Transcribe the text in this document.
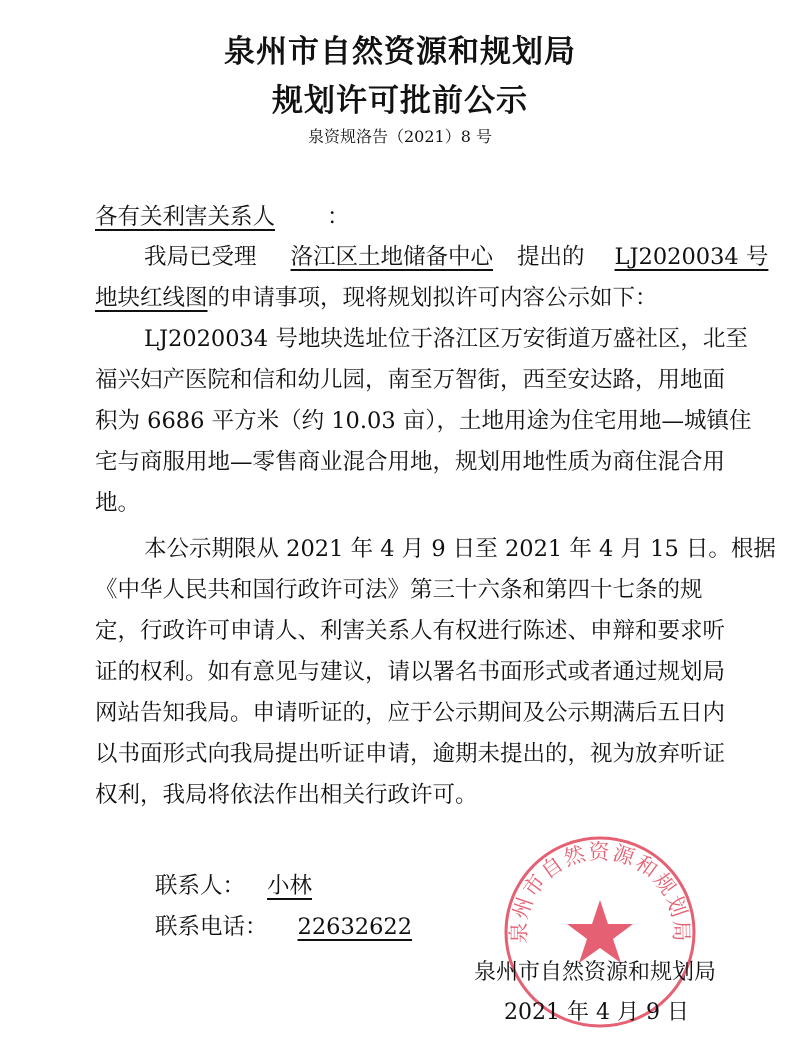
泉州市自然资源和规划局
规划许可批前公示
泉资规洛告（2021）8 号
各有关利害关系人 ：
我局已受理 洛江区土地储备中心 提出的 LJ2020034 号
地块红线图的申请事项，现将规划拟许可内容公示如下：
LJ2020034 号地块选址位于洛江区万安街道万盛社区，北至
福兴妇产医院和信和幼儿园，南至万智街，西至安达路，用地面
积为 6686 平方米（约 10.03 亩），土地用途为住宅用地—城镇住
宅与商服用地—零售商业混合用地，规划用地性质为商住混合用
地。
本公示期限从 2021 年 4 月 9 日至 2021 年 4 月 15 日。根据
《中华人民共和国行政许可法》第三十六条和第四十七条的规
定，行政许可申请人、利害关系人有权进行陈述、申辩和要求听
证的权利。如有意见与建议，请以署名书面形式或者通过规划局
网站告知我局。申请听证的，应于公示期间及公示期满后五日内
以书面形式向我局提出听证申请，逾期未提出的，视为放弃听证
权利，我局将依法作出相关行政许可。
联系人： 小林
联系电话： 22632622	泉州市自然资源和规划局
泉州市自然资源和规划局
2021 年 4 月 9 日
